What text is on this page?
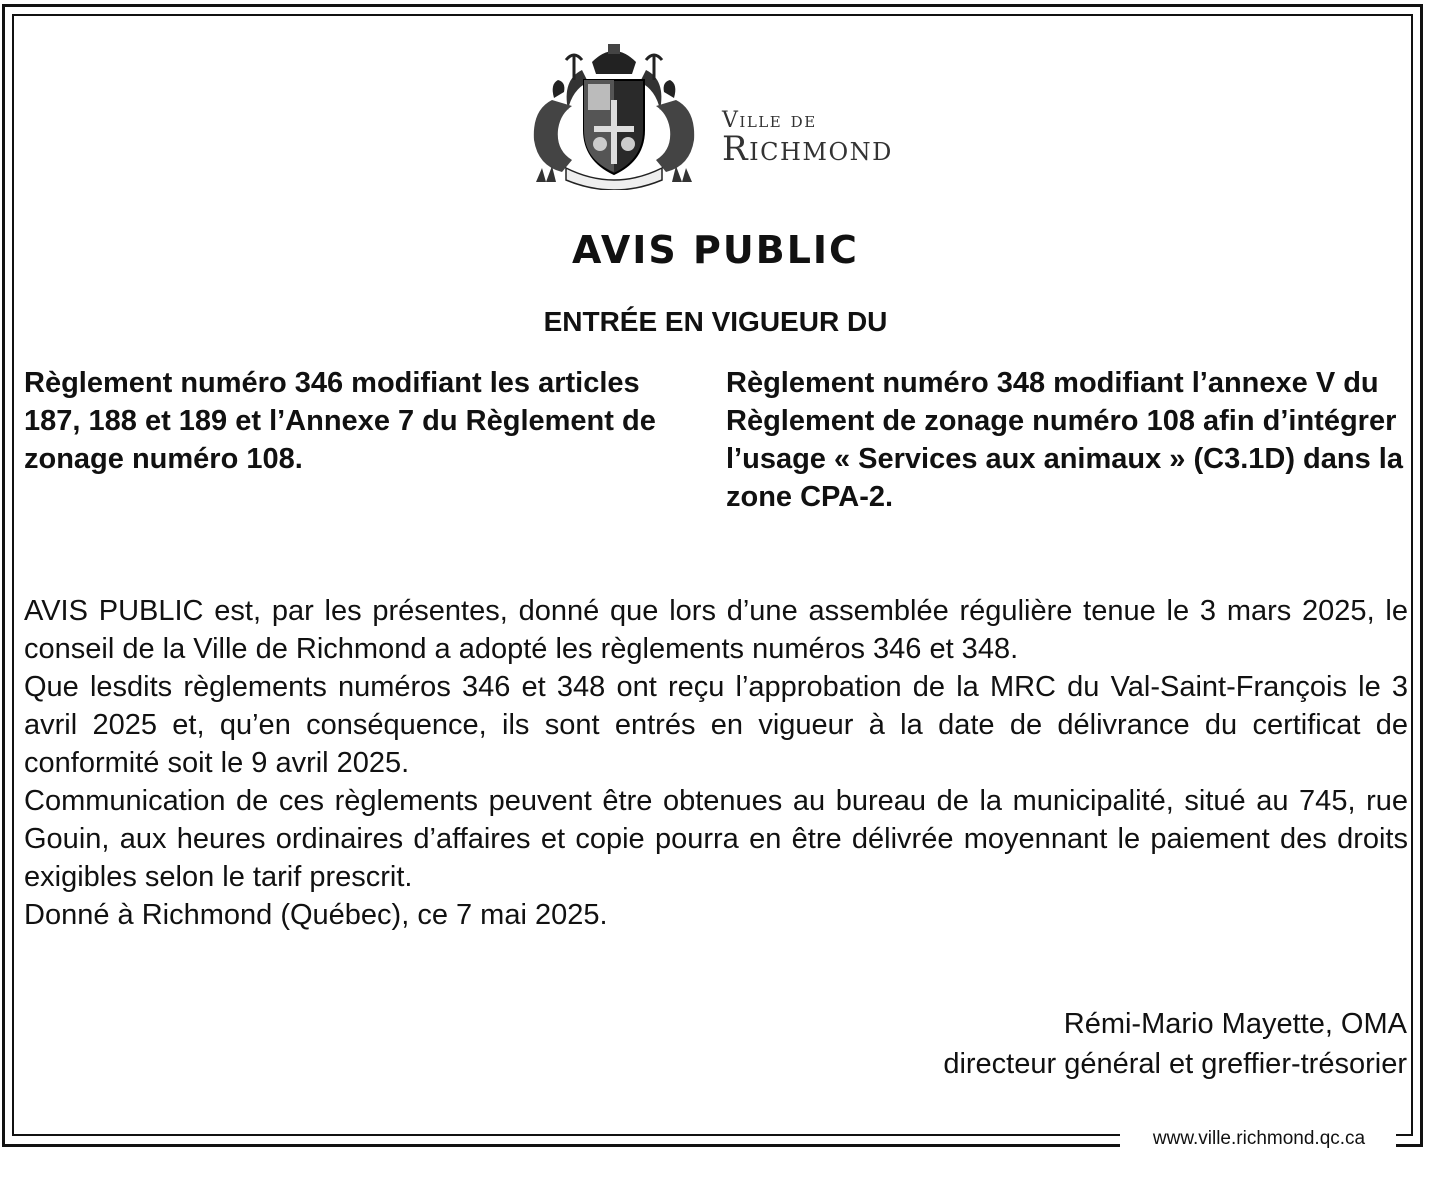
www.ville.richmond.qc.ca
Ville de
Richmond
AVIS PUBLIC
ENTRÉE EN VIGUEUR DU
Règlement numéro 346 modifiant les articles 187, 188 et 189 et l’Annexe 7 du Règlement de zonage numéro 108.
Règlement numéro 348 modifiant l’annexe V du Règlement de zonage numéro 108 afin d’intégrer l’usage « Services aux animaux » (C3.1D) dans la zone CPA-2.

AVIS PUBLIC est, par les présentes, donné que lors d’une assemblée régulière tenue le 3 mars 2025, le conseil de la Ville de Richmond a adopté les règlements numéros 346 et 348.

Que lesdits règlements numéros 346 et 348 ont reçu l’approbation de la MRC du Val-Saint-François le 3 avril 2025 et, qu’en conséquence, ils sont entrés en vigueur à la date de délivrance du certificat de conformité soit le 9 avril 2025.

Communication de ces règlements peuvent être obtenues au bureau de la municipalité, situé au 745, rue Gouin, aux heures ordinaires d’affaires et copie pourra en être délivrée moyennant le paiement des droits exigibles selon le tarif prescrit.

Donné à Richmond (Québec), ce 7 mai 2025.

Rémi-Mario Mayette, OMA
directeur général et greffier-trésorier
